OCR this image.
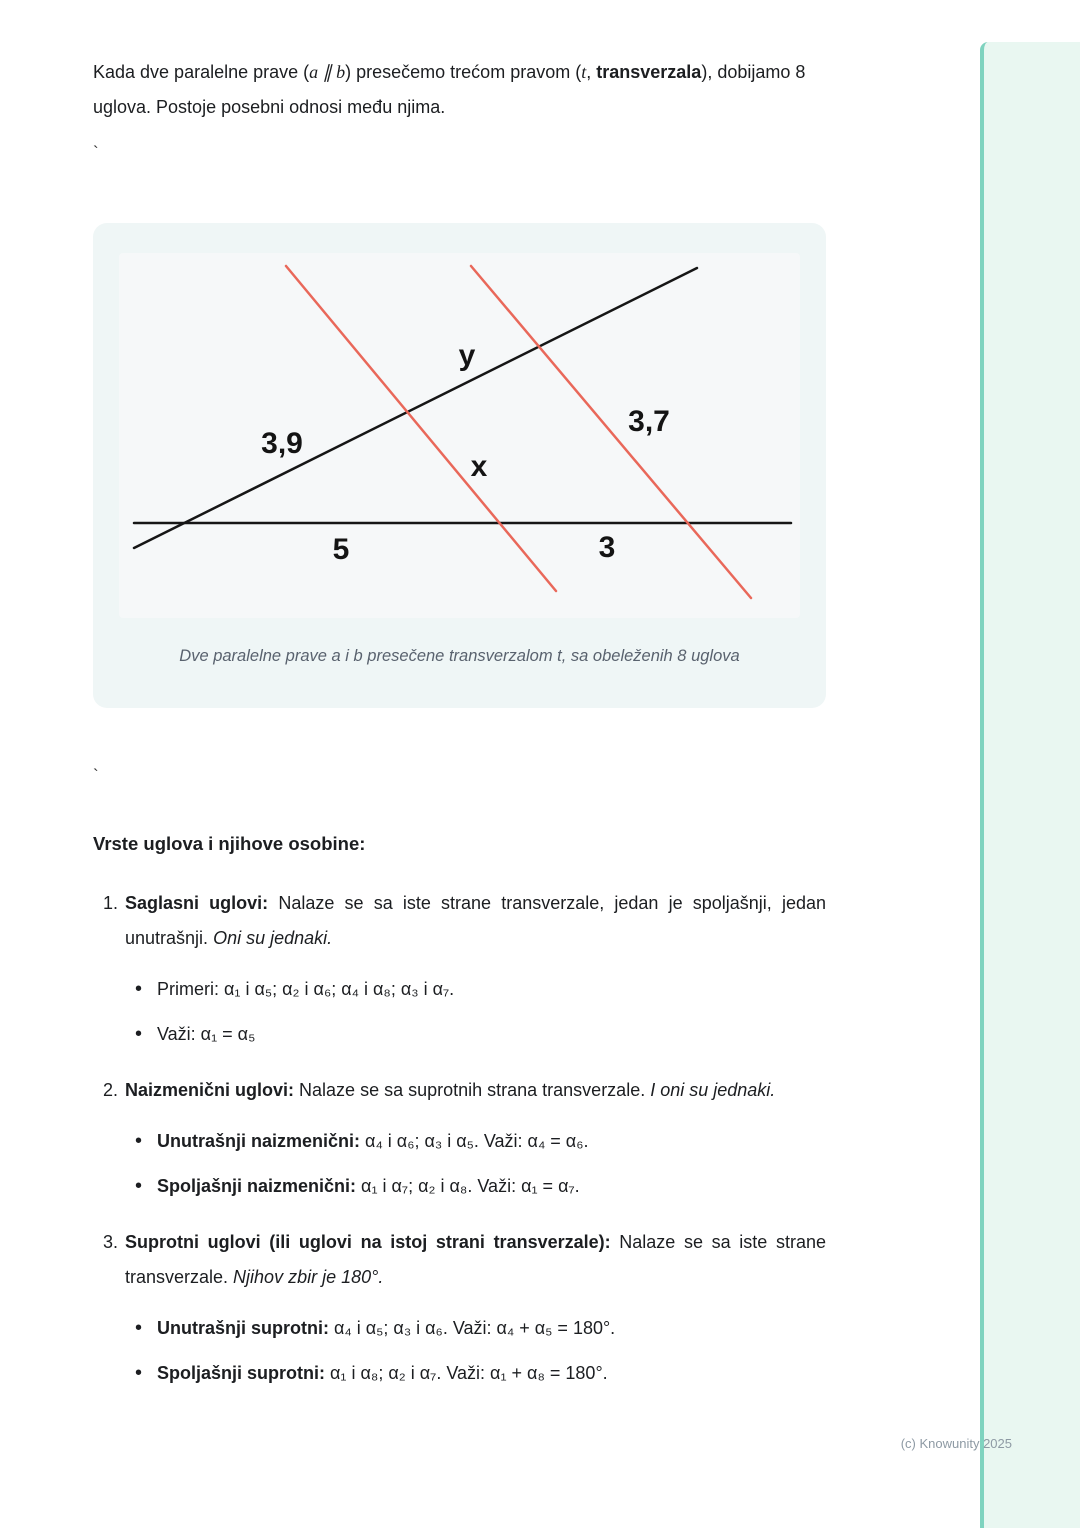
Kada dve paralelne prave (a ∥ b) presečemo trećom pravom (t, transverzala), dobijamo 8 uglova. Postoje posebni odnosi među njima.

`

y
3,7
3,9
x
5	3

Dve paralelne prave a i b presečene transverzalom t, sa obeleženih 8 uglova

`

Vrste uglova i njihove osobine:
1. Saglasni uglovi: Nalaze se sa iste strane transverzale, jedan je spoljašnji, jedan unutrašnji. Oni su jednaki.
•
Primeri: α₁ i α₅; α₂ i α₆; α₄ i α₈; α₃ i α₇.
•
Važi: α₁ = α₅
2. Naizmenični uglovi: Nalaze se sa suprotnih strana transverzale. I oni su jednaki.
•
Unutrašnji naizmenični: α₄ i α₆; α₃ i α₅. Važi: α₄ = α₆.
•
Spoljašnji naizmenični: α₁ i α₇; α₂ i α₈. Važi: α₁ = α₇.
3. Suprotni uglovi (ili uglovi na istoj strani transverzale): Nalaze se sa iste strane transverzale. Njihov zbir je 180°.
•
Unutrašnji suprotni: α₄ i α₅; α₃ i α₆. Važi: α₄ + α₅ = 180°.
•
Spoljašnji suprotni: α₁ i α₈; α₂ i α₇. Važi: α₁ + α₈ = 180°.
(c) Knowunity 2025
